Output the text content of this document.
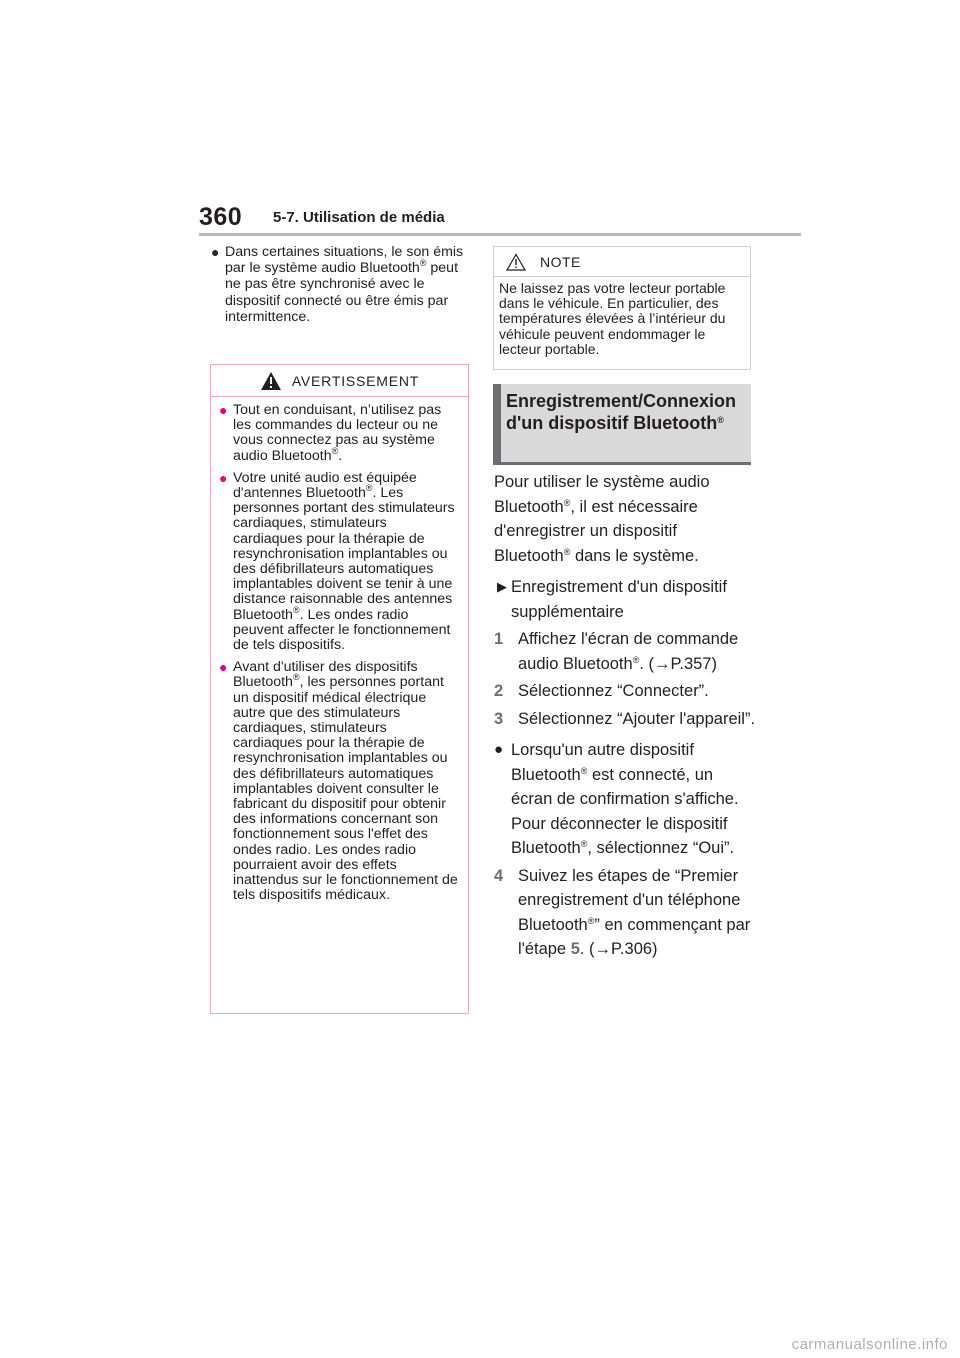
360 5-7. Utilisation de média
● Dans certaines situations, le son émis par le système audio Bluetooth® peut ne pas être synchronisé avec le dispositif connecté ou être émis par intermittence.
AVERTISSEMENT
● Tout en conduisant, n’utilisez pas les commandes du lecteur ou ne vous connectez pas au système audio Bluetooth®.
● Votre unité audio est équipée d'antennes Bluetooth®. Les personnes portant des stimulateurs cardiaques, stimulateurs cardiaques pour la thérapie de resynchronisation implantables ou des défibrillateurs automatiques implantables doivent se tenir à une distance raisonnable des antennes Bluetooth®. Les ondes radio peuvent affecter le fonctionnement de tels dispositifs.
● Avant d'utiliser des dispositifs Bluetooth®, les personnes portant un dispositif médical électrique autre que des stimulateurs cardiaques, stimulateurs cardiaques pour la thérapie de resynchronisation implantables ou des défibrillateurs automatiques implantables doivent consulter le fabricant du dispositif pour obtenir des informations concernant son fonctionnement sous l'effet des ondes radio. Les ondes radio pourraient avoir des effets inattendus sur le fonctionnement de tels dispositifs médicaux.
NOTE
Ne laissez pas votre lecteur portable dans le véhicule. En particulier, des températures élevées à l’intérieur du véhicule peuvent endommager le lecteur portable.
Enregistrement/Connexion d'un dispositif Bluetooth®

Pour utiliser le système audio Bluetooth®, il est nécessaire d'enregistrer un dispositif Bluetooth® dans le système.

▶ Enregistrement d'un dispositif supplémentaire
1 Affichez l'écran de commande audio Bluetooth®. (→P.357)
2 Sélectionnez “Connecter”.
3 Sélectionnez “Ajouter l'appareil”.
● Lorsqu'un autre dispositif Bluetooth® est connecté, un écran de confirmation s'affiche. Pour déconnecter le dispositif Bluetooth®, sélectionnez “Oui”.
4 Suivez les étapes de “Premier enregistrement d'un téléphone Bluetooth®” en commençant par l'étape 5. (→P.306)
carmanualsonline.info
